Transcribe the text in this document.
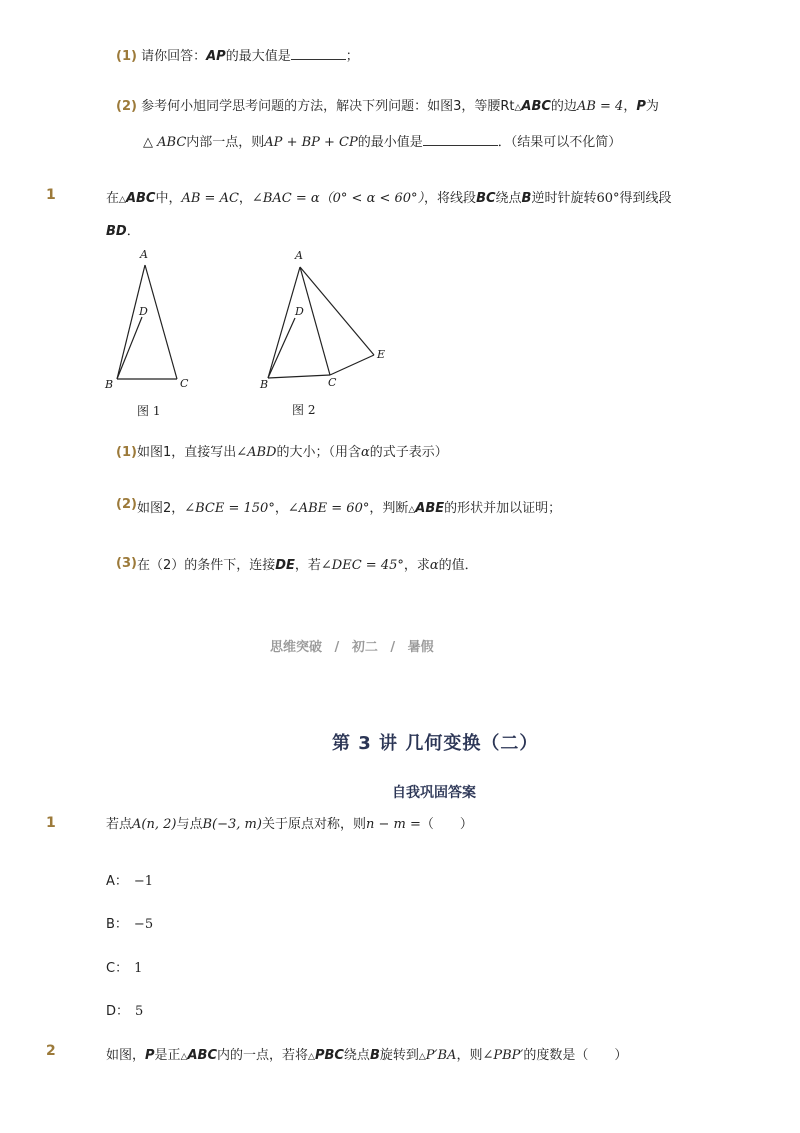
(1) 请你回答：AP的最大值是	；
(2) 参考何小旭同学思考问题的方法，解决下列问题：如图3，等腰Rt△ABC的边AB = 4，P为
△ ABC内部一点，则AP + BP + CP的最小值是	．（结果可以不化简）
1	在△ABC中，AB = AC，∠BAC = α（0° < α < 60°），将线段BC绕点B逆时针旋转60°得到线段
BD．
A
D
B	C
图 1
A
D
B	C
E
图 2
(1)如图1，直接写出∠ABD的大小；（用含α的式子表示）
(2)如图2，∠BCE = 150°，∠ABE = 60°，判断△ABE的形状并加以证明；
(3)在（2）的条件下，连接DE，若∠DEC = 45°，求α的值．
思维突破 / 初二 / 暑假
第 3 讲 几何变换（二）
自我巩固答案
1	若点A(n, 2)与点B(−3, m)关于原点对称，则n − m =（　　）
A： −1
B： −5
C： 1
D： 5
2	如图，P是正△ABC内的一点，若将△PBC绕点B旋转到△P′BA，则∠PBP′的度数是（　　）
